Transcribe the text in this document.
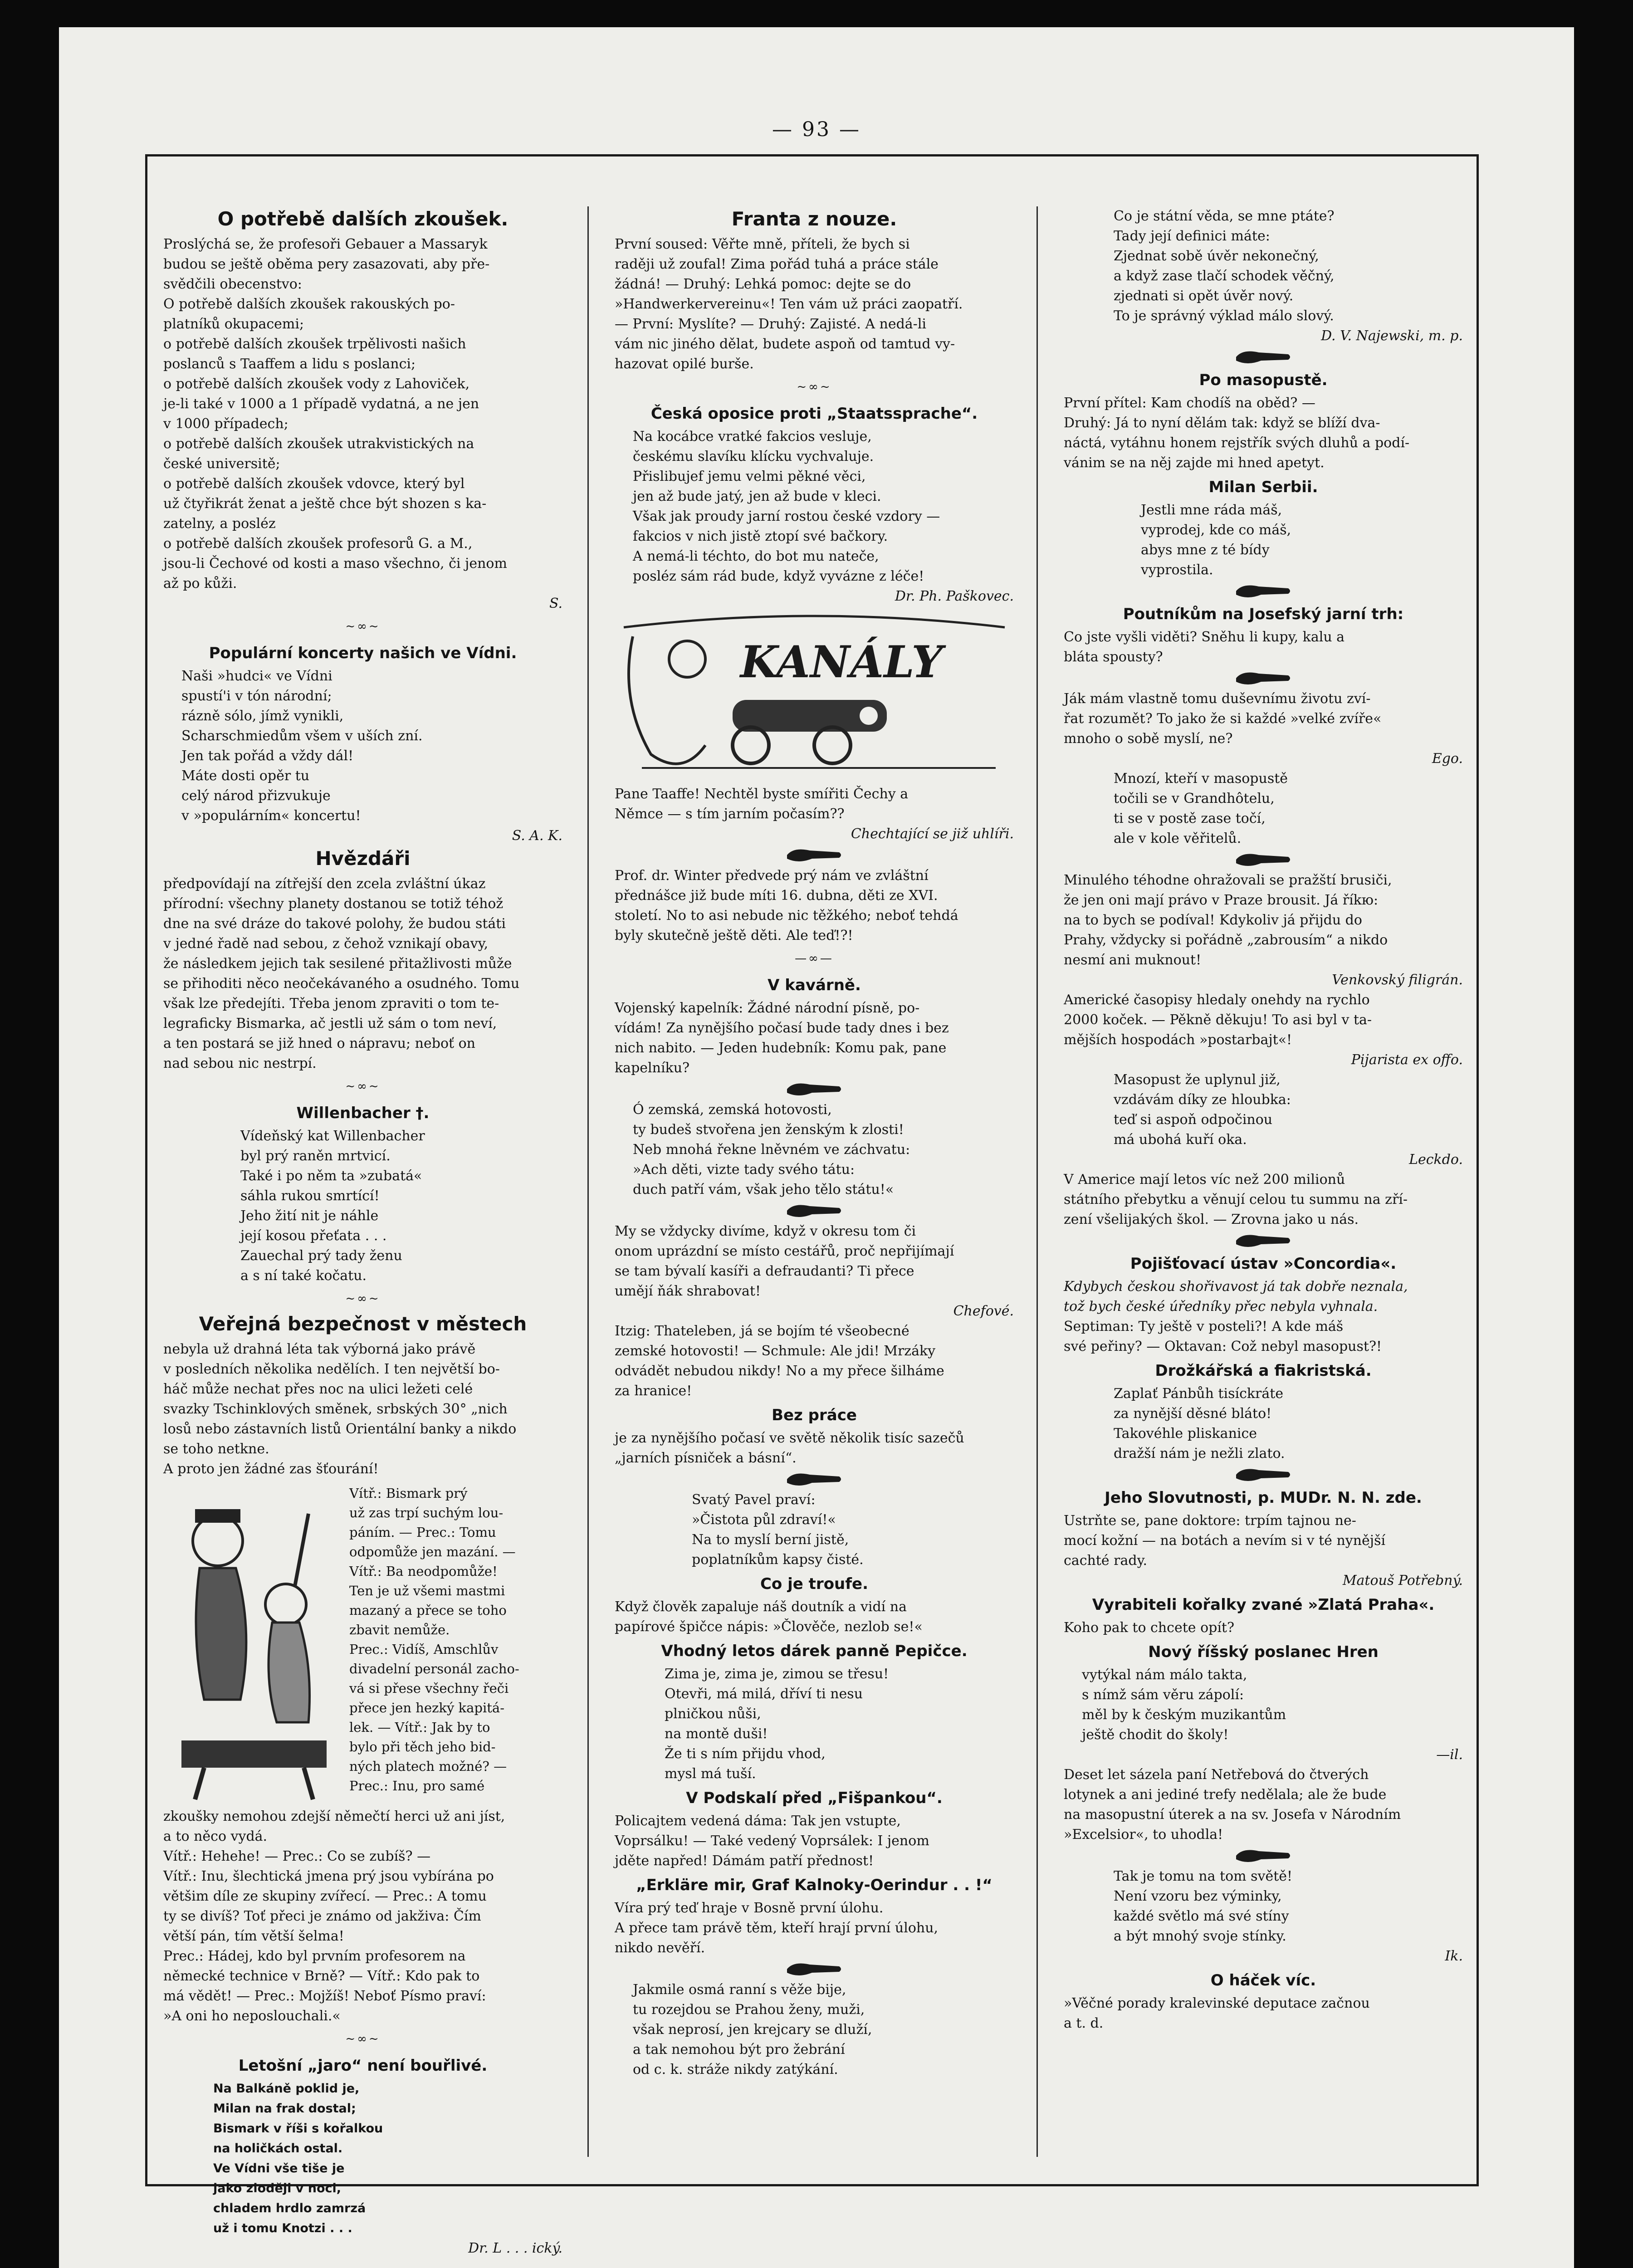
— 93 —
O potřebě dalších zkoušek.

Proslýchá se, že profesoři Gebauer a Massaryk

budou se ještě oběma pery zasazovati, aby pře-

svědčili obecenstvo:

O potřebě dalších zkoušek rakouských po-

platníků okupacemi;

o potřebě dalších zkoušek trpělivosti našich

poslanců s Taaffem a lidu s poslanci;

o potřebě dalších zkoušek vody z Lahoviček,

je-li také v 1000 a 1 případě vydatná, a ne jen

v 1000 případech;

o potřebě dalších zkoušek utrakvistických na

české universitě;

o potřebě dalších zkoušek vdovce, který byl

už čtyřikrát ženat a ještě chce být shozen s ka-

zatelny, a posléz

o potřebě dalších zkoušek profesorů G. a M.,

jsou-li Čechové od kosti a maso všechno, či jenom

až po kůži.

S.

~∞~
Populární koncerty našich ve Vídni.

Naši »hudci« ve Vídni

spustí'i v tón národní;

rázně sólo, jímž vynikli,

Scharschmiedům všem v uších zní.

Jen tak pořád a vždy dál!

Máte dosti opěr tu

celý národ přizvukuje

v »populárním« koncertu!

S. A. K.

Hvězdáři

předpovídají na zítřejší den zcela zvláštní úkaz

přírodní: všechny planety dostanou se totiž téhož

dne na své dráze do takové polohy, že budou státi

v jedné řadě nad sebou, z čehož vznikají obavy,

že následkem jejich tak sesilené přitažlivosti může

se přihoditi něco neočekávaného a osudného. Tomu

však lze předejíti. Třeba jenom zpraviti o tom te-

legraficky Bismarka, ač jestli už sám o tom neví,

a ten postará se již hned o nápravu; neboť on

nad sebou nic nestrpí.

~∞~
Willenbacher †.

Vídeňský kat Willenbacher

byl prý raněn mrtvicí.

Také i po něm ta »zubatá«

sáhla rukou smrtící!

Jeho žití nit je náhle

její kosou přeťata . . .

Zauechal prý tady ženu

a s ní také kočatu.

~∞~
Veřejná bezpečnost v městech

nebyla už drahná léta tak výborná jako právě

v posledních několika nedělích. I ten největší bo-

háč může nechat přes noc na ulici ležeti celé

svazky Tschinklových směnek, srbských 30° „nich

losů nebo zástavních listů Orientální banky a nikdo

se toho netkne.

A proto jen žádné zas šťourání!

Vítř.: Bismark prý

už zas trpí suchým lou-

páním. — Prec.: Tomu

odpomůže jen mazání. —

Vítř.: Ba neodpomůže!

Ten je už všemi mastmi

mazaný a přece se toho

zbavit nemůže.

Prec.: Vidíš, Amschlův

divadelní personál zacho-

vá si přese všechny řeči

přece jen hezký kapitá-

lek. — Vítř.: Jak by to

bylo při těch jeho bid-

ných platech možné? —

Prec.: Inu, pro samé

zkoušky nemohou zdejší němečtí herci už ani jíst,

a to něco vydá.

Vítř.: Hehehe! — Prec.: Co se zubíš? —

Vítř.: Inu, šlechtická jmena prý jsou vybírána po

většim díle ze skupiny zvířecí. — Prec.: A tomu

ty se divíš? Toť přeci je známo od jakživa: Čím

větší pán, tím větší šelma!

Prec.: Hádej, kdo byl prvním profesorem na

německé technice v Brně? — Vítř.: Kdo pak to

má vědět! — Prec.: Mojžíš! Neboť Písmo praví:

»A oni ho neposlouchali.«

~∞~
Letošní „jaro“ není bouřlivé.

Na Balkáně poklid je,

Milan na frak dostal;

Bismark v říši s kořalkou

na holičkách ostal.

Ve Vídni vše tiše je

jako zloději v noci,

chladem hrdlo zamrzá

už i tomu Knotzi . . .

Dr. L . . . ický.

Franta z nouze.

První soused: Věřte mně, příteli, že bych si

raději už zoufal! Zima pořád tuhá a práce stále

žádná! — Druhý: Lehká pomoc: dejte se do

»Handwerkervereinu«! Ten vám už práci zaopatří.

— První: Myslíte? — Druhý: Zajisté. A nedá-li

vám nic jiného dělat, budete aspoň od tamtud vy-

hazovat opilé burše.

~∞~
Česká oposice proti „Staatssprache“.

Na kocábce vratké fakcios veslujе,

českému slavíku klícku vychvaluje.

Přislibujef jemu velmi pěkné věci,

jen až bude jatý, jen až bude v kleci.

Však jak proudy jarní rostou české vzdory —

fakcios v nich jistě ztopí své bačkory.

A nemá-li téchto, do bot mu nateče,

posléz sám rád bude, když vyvázne z léče!

Dr. Ph. Paškovec.

KANÁLY

Pane Taaffe! Nechtěl byste smířiti Čechy a

Němce — s tím jarním počasím??

Chechtající se již uhlíři.

Prof. dr. Winter předvede prý nám ve zvláštní

přednášce již bude míti 16. dubna, děti ze XVI.

století. No to asi nebude nic těžkého; neboť tehdá

byly skutečně ještě děti. Ale teď!?!

—∞—
V kavárně.

Vojenský kapelník: Žádné národní písně, po-

vídám! Za nynějšího počasí bude tady dnes i bez

nich nabito. — Jeden hudebník: Komu pak, pane

kapelníku?

Ó zemská, zemská hotovosti,

ty budeš stvořena jen ženským k zlosti!

Neb mnohá řekne lněvném ve záchvatu:

»Ach děti, vizte tady svého tátu:

duch patří vám, však jeho tělo státu!«

My se vždycky divíme, když v okresu tom či

onom uprázdní se místo cestářů, proč nepřijímají

se tam bývalí kasíři a defraudanti? Ti přece

umějí ňák shrabovat!

Chefové.

Itzig: Thateleben, já se bojím té všeobecné

zemské hotovosti! — Schmule: Ale jdi! Mrzáky

odvádět nebudou nikdy! No a my přece šilháme

za hranice!

Bez práce

je za nynějšího počasí ve světě několik tisíc sazečů

„jarních písniček a básní“.

Svatý Pavel praví:

»Čistota půl zdraví!«

Na to myslí berní jistě,

poplatníkům kapsy čisté.

Co je troufe.

Když člověk zapaluje náš doutník a vidí na

papírové špičce nápis: »Člověče, nezlob se!«

Vhodný letos dárek panně Pepičce.

Zima je, zima je, zimou se třesu!

Otevři, má milá, dříví ti nesu

plničkou nůši,

na montě duši!

Že ti s ním přijdu vhod,

mysl má tuší.

V Podskalí před „Fišpankou“.

Policajtem vedená dáma: Tak jen vstupte,

Voprsálku! — Také vedený Voprsálek: I jenom

jděte napřed! Dámám patří přednost!

„Erkläre mir, Graf Kalnoky-Oerindur . . !“

Víra prý teď hraje v Bosně první úlohu.

A přece tam právě těm, kteří hrají první úlohu,

nikdo nevěří.

Jakmile osmá ranní s věže bije,

tu rozejdou se Prahou ženy, muži,

však neprosí, jen krejcary se dluží,

a tak nemohou být pro žebrání

od c. k. stráže nikdy zatýkání.

Co je státní věda, se mne ptáte?

Tady její definici máte:

Zjednat sobě úvěr nekonečný,

a když zase tlačí schodek věčný,

zjednati si opět úvěr nový.

To je správný výklad málo slový.

D. V. Najewski, m. p.

Po masopustě.

První přítel: Kam chodíš na oběd? —

Druhý: Já to nyní dělám tak: když se blíží dva-

náctá, vytáhnu honem rejstřík svých dluhů a podí-

vánim se na něj zajde mi hned apetyt.

Milan Serbii.

Jestli mne ráda máš,

vyprodej, kde co máš,

abys mne z té bídy

vyprostila.

Poutníkům na Josefský jarní trh:

Co jste vyšli viděti? Sněhu li kupy, kalu a

bláta spousty?

Ják mám vlastně tomu duševnímu životu zví-

řat rozumět? To jako že si každé »velké zvíře«

mnoho o sobě myslí, ne?

Ego.

Mnozí, kteří v masopustě

točili se v Grandhôtelu,

ti se v postě zase točí,

ale v kole věřitelů.

Minulého téhodne ohražovali se pražští brusiči,

že jen oni mají právo v Praze brousit. Já říkю:

na to bych se podíval! Kdykoliv já přijdu do

Prahy, vždycky si pořádně „zabrousím“ a nikdo

nesmí ani muknout!

Venkovský filigrán.

Americké časopisy hledaly onehdy na rychlo

2000 koček. — Pěkně děkuju! To asi byl v ta-

mějších hospodách »postarbajt«!

Pijarista ex offo.

Masopust že uplynul již,

vzdávám díky ze hloubka:

teď si aspoň odpočinou

má ubohá kuří oka.

Leckdo.

V Americe mají letos víc než 200 milionů

státního přebytku a věnují celou tu summu na zří-

zení všelijakých škol. — Zrovna jako u nás.

Pojišťovací ústav »Concordia«.

Kdybych českou shořivavost já tak dobře neznala,

tož bych české úředníky přec nebyla vyhnala.

Septiman: Ty ještě v posteli?! A kde máš

své peřiny? — Oktavan: Což nebyl masopust?!

Drožkářská a fiakristská.

Zaplať Pánbůh tisíckráte

za nynější děsné bláto!

Takovéhle pliskanice

dražší nám je nežli zlato.

Jeho Slovutnosti, p. MUDr. N. N. zde.

Ustrňte se, pane doktore: trpím tajnou ne-

mocí kožní — na botách a nevím si v té nynější

cachté rady.

Matouš Potřebný.

Vyrabiteli kořalky zvané »Zlatá Praha«.

Koho pak to chcete opít?

Nový říšský poslanec Hren

vytýkal nám málo takta,

s nímž sám věru zápolí:

měl by k českým muzikantům

ještě chodit do školy!

—il.

Deset let sázela paní Netřebová do čtverých

lotynek a ani jediné trefy nedělala; ale že bude

na masopustní úterek a na sv. Josefa v Národním

»Excelsior«, to uhodla!

Tak je tomu na tom světě!

Není vzoru bez výminky,

každé světlo má své stíny

a být mnohý svoje stínky.

Ik.

O háček víc.

»Věčné porady kralevinské deputace začnou

a t. d.
